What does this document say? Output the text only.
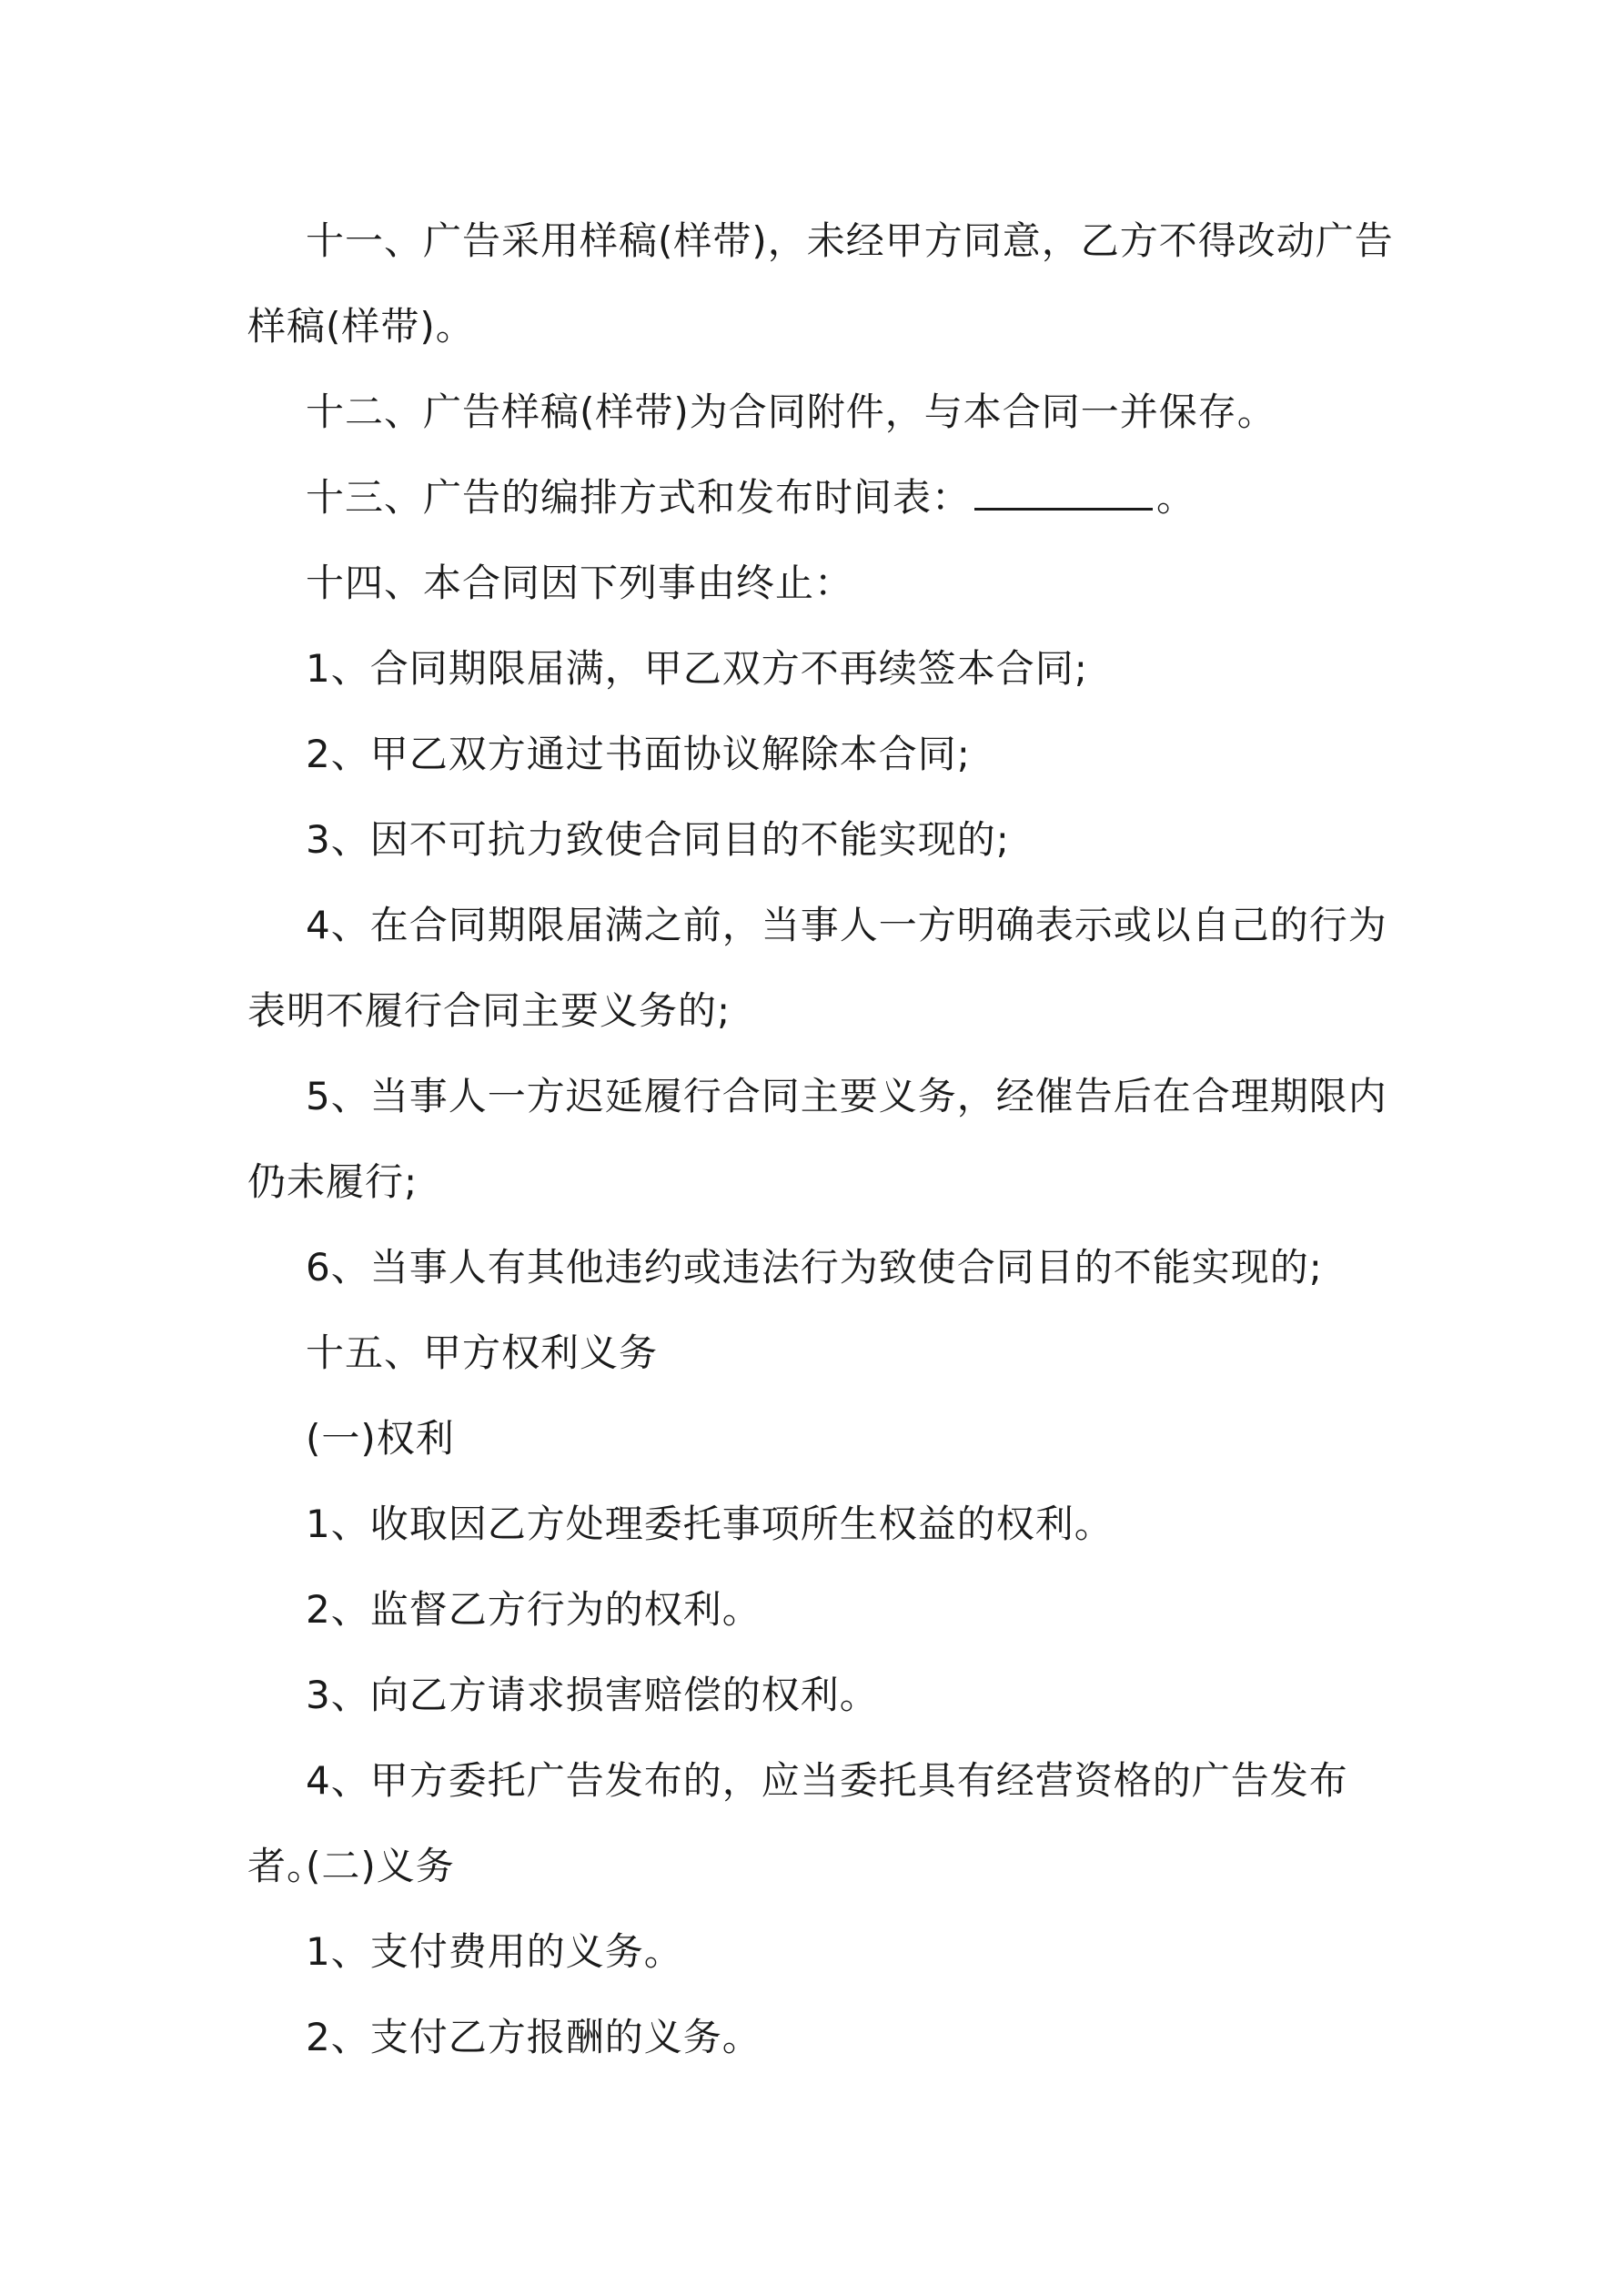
十一、广告采用样稿(样带)，未经甲方同意，乙方不得改动广告样稿(样带)。

十二、广告样稿(样带)为合同附件，与本合同一并保存。

十三、广告的编排方式和发布时间表：	。

十四、本合同因下列事由终止：

1、合同期限届满，甲乙双方不再续签本合同;

2、甲乙双方通过书面协议解除本合同;

3、因不可抗力致使合同目的不能实现的;

4、在合同期限届满之前，当事人一方明确表示或以自己的行为表明不履行合同主要义务的;

5、当事人一方迟延履行合同主要义务，经催告后在合理期限内仍未履行;

6、当事人有其他违约或违法行为致使合同目的不能实现的;

十五、甲方权利义务

(一)权利

1、收取因乙方处理委托事项所生权益的权利。

2、监督乙方行为的权利。

3、向乙方请求损害赔偿的权利。

4、甲方委托广告发布的，应当委托具有经营资格的广告发布者。

(二)义务

1、支付费用的义务。

2、支付乙方报酬的义务。
